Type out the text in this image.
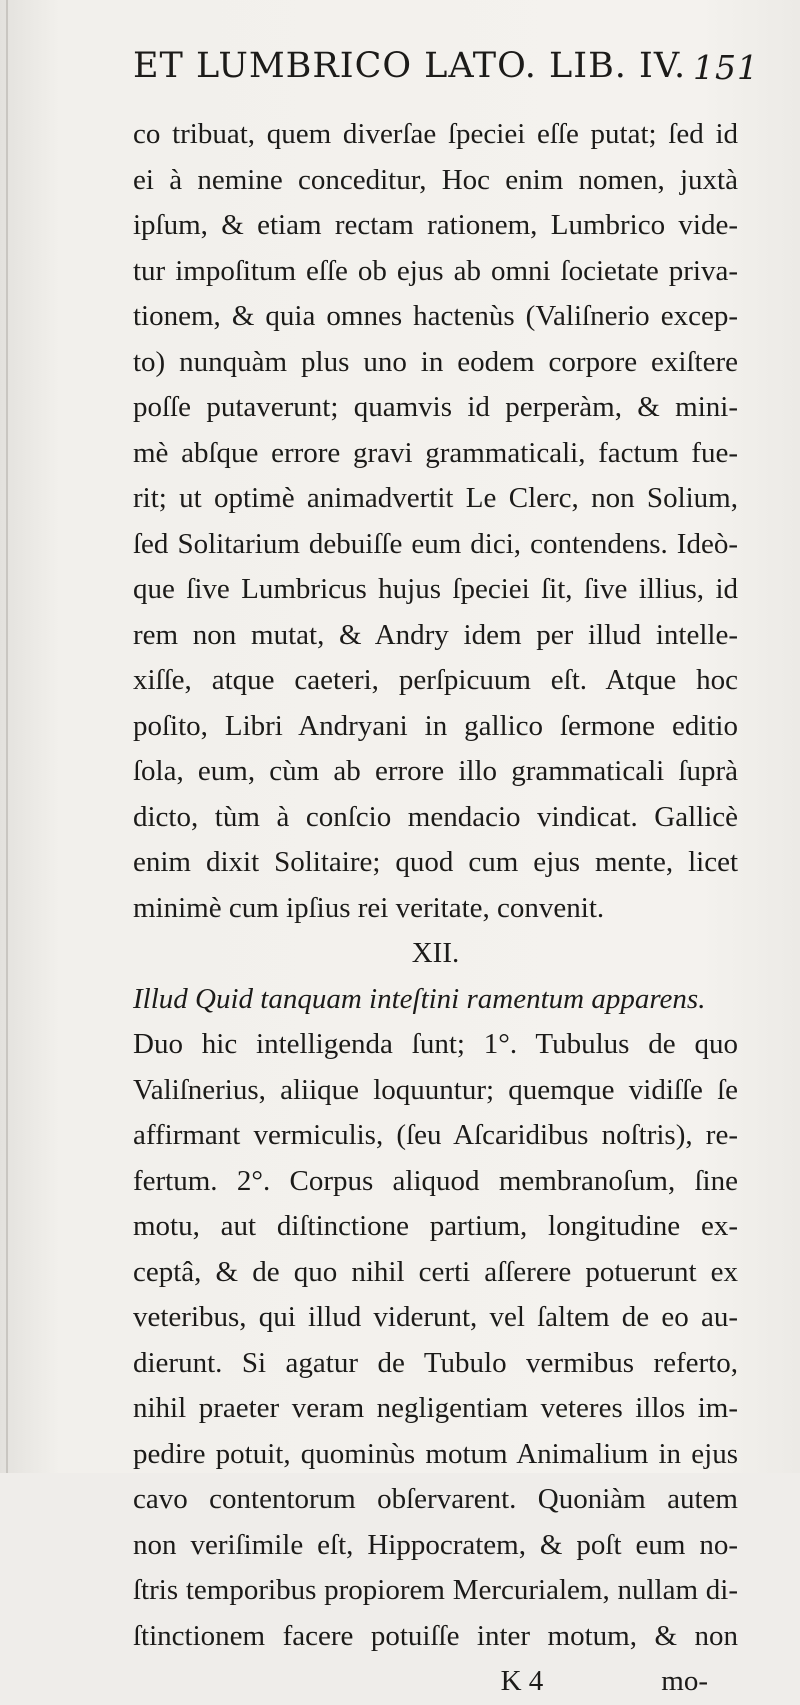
ET LUMBRICO LATO. LIB. IV. 151
co tribuat, quem diverſae ſpeciei eſſe putat; ſed id
ei à nemine conceditur, Hoc enim nomen, juxtà
ipſum, & etiam rectam rationem, Lumbrico vide-
tur impoſitum eſſe ob ejus ab omni ſocietate priva-
tionem, & quia omnes hactenùs (Valiſnerio excep-
to) nunquàm plus uno in eodem corpore exiſtere
poſſe putaverunt; quamvis id perperàm, & mini-
mè abſque errore gravi grammaticali, factum fue-
rit; ut optimè animadvertit Le Clerc, non Solium,
ſed Solitarium debuiſſe eum dici, contendens. Ideò-
que ſive Lumbricus hujus ſpeciei ſit, ſive illius, id
rem non mutat, & Andry idem per illud intelle-
xiſſe, atque caeteri, perſpicuum eſt. Atque hoc
poſito, Libri Andryani in gallico ſermone editio
ſola, eum, cùm ab errore illo grammaticali ſuprà
dicto, tùm à conſcio mendacio vindicat. Gallicè
enim dixit Solitaire; quod cum ejus mente, licet
minimè cum ipſius rei veritate, convenit.
XII.
Illud Quid tanquam inteſtini ramentum apparens.
Duo hic intelligenda ſunt; 1°. Tubulus de quo
Valiſnerius, aliique loquuntur; quemque vidiſſe ſe
affirmant vermiculis, (ſeu Aſcaridibus noſtris), re-
fertum. 2°. Corpus aliquod membranoſum, ſine
motu, aut diſtinctione partium, longitudine ex-
ceptâ, & de quo nihil certi aſſerere potuerunt ex
veteribus, qui illud viderunt, vel ſaltem de eo au-
dierunt. Si agatur de Tubulo vermibus referto,
nihil praeter veram negligentiam veteres illos im-
pedire potuit, quominùs motum Animalium in ejus
cavo contentorum obſervarent. Quoniàm autem
non veriſimile eſt, Hippocratem, & poſt eum no-
ſtris temporibus propiorem Mercurialem, nullam di-
ſtinctionem facere potuiſſe inter motum, & non
K 4	mo-
